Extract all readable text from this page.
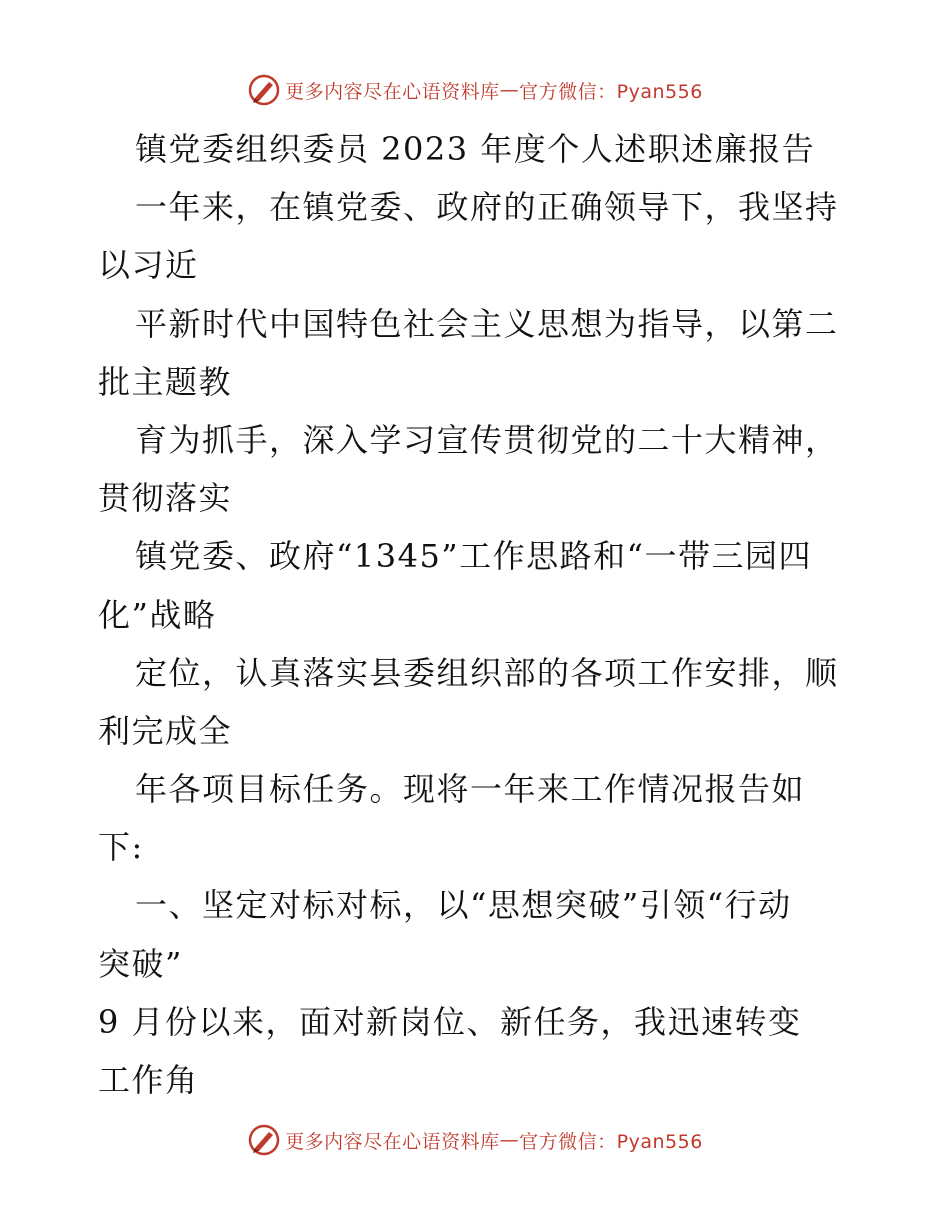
更多内容尽在心语资料库 — 官方微信：Pyan556
镇党委组织委员 2023 年度个人述职述廉报告
一年来，在镇党委、政府的正确领导下，我坚持
以习近
平新时代中国特色社会主义思想为指导，以第二
批主题教
育为抓手，深入学习宣传贯彻党的二十大精神，
贯彻落实
镇党委、政府“1345”工作思路和“一带三园四
化”战略
定位，认真落实县委组织部的各项工作安排，顺
利完成全
年各项目标任务。现将一年来工作情况报告如
下:
一、坚定对标对标，以“思想突破”引领“行动
突破”
9 月份以来，面对新岗位、新任务，我迅速转变
工作角
更多内容尽在心语资料库 — 官方微信：Pyan556
